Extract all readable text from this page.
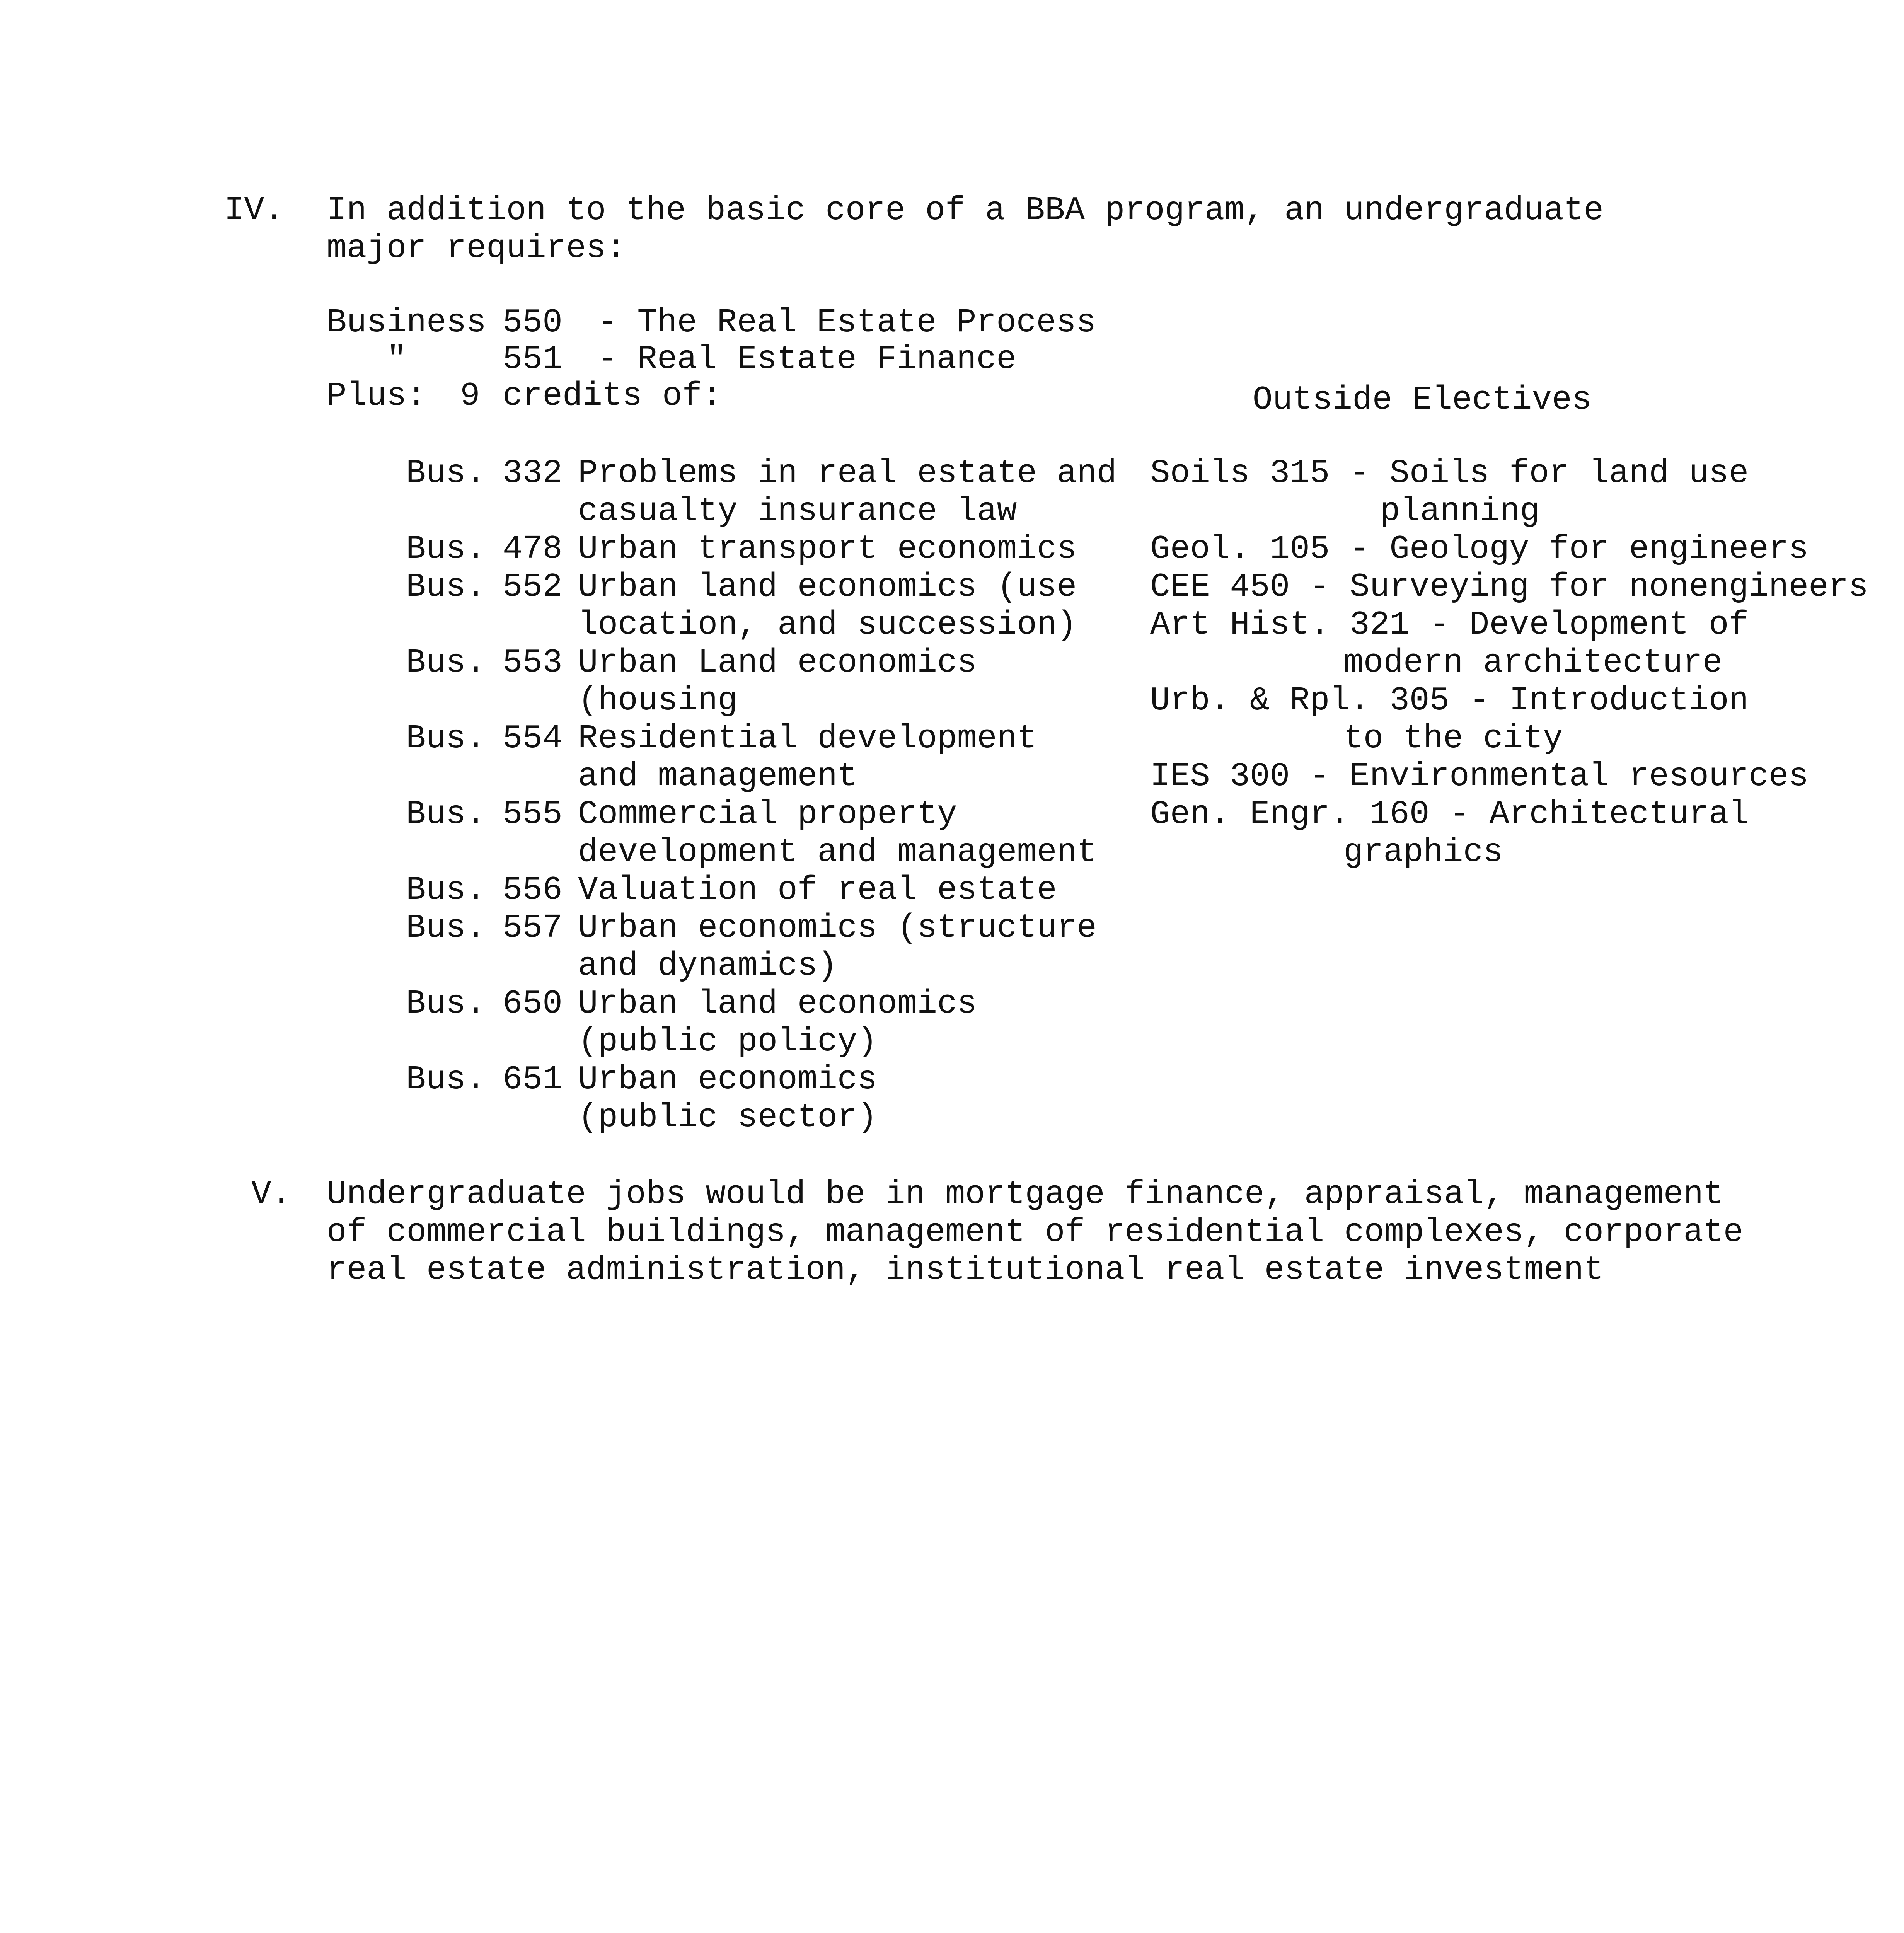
IV. In addition to the basic core of a BBA program, an undergraduate
major requires:
Business 550 - The Real Estate Process
"	551 - Real Estate Finance
Plus: 9 credits of:	Outside Electives
Bus. 332 Problems in real estate and
casualty insurance law
Bus. 478 Urban transport economics
Bus. 552 Urban land economics (use
location, and succession)
Bus. 553 Urban Land economics
(housing
Bus. 554 Residential development
and management
Bus. 555 Commercial property
development and management
Bus. 556 Valuation of real estate
Bus. 557 Urban economics (structure
and dynamics)
Bus. 650 Urban land economics
(public policy)
Bus. 651 Urban economics
(public sector)
Soils 315 - Soils for land use
planning
Geol. 105 - Geology for engineers
CEE 450 - Surveying for nonengineers
Art Hist. 321 - Development of
modern architecture
Urb. & Rpl. 305 - Introduction
to the city
IES 300 - Environmental resources
Gen. Engr. 160 - Architectural
graphics
V. Undergraduate jobs would be in mortgage finance, appraisal, management
of commercial buildings, management of residential complexes, corporate
real estate administration, institutional real estate investment
